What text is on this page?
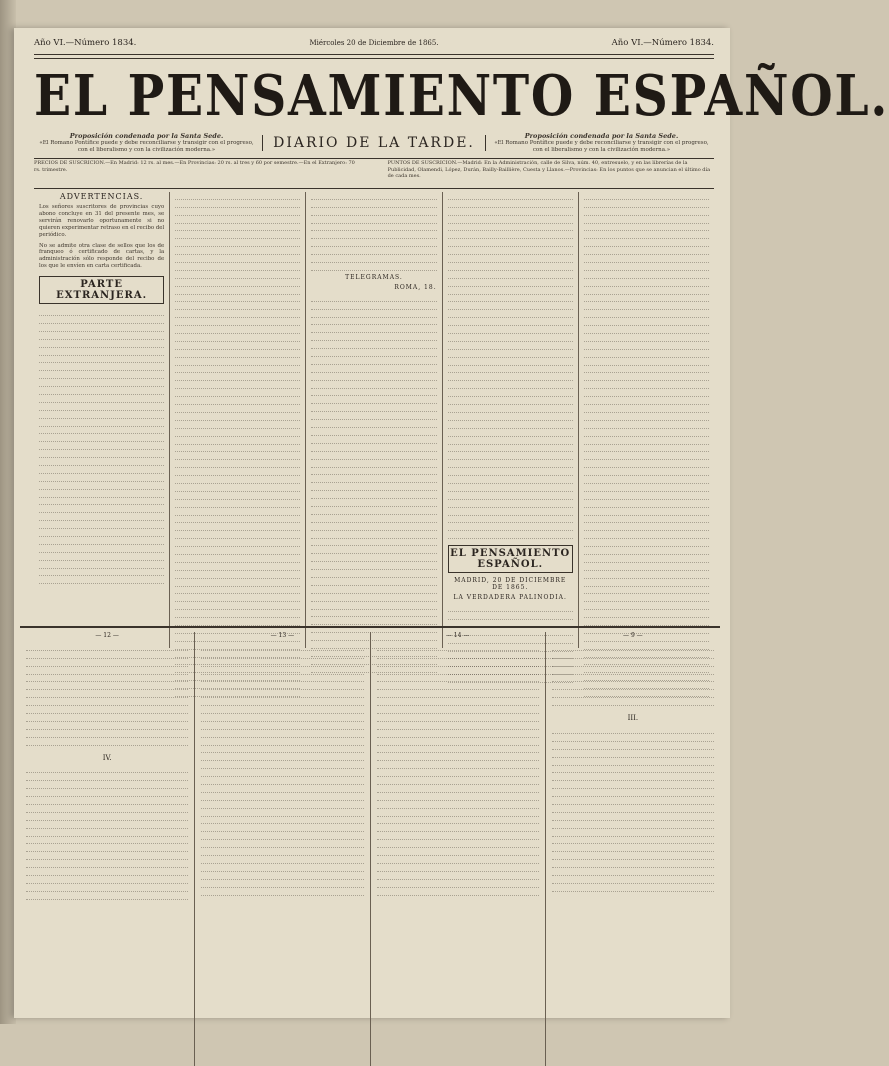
Año VI.—Número 1834.	Miércoles 20 de Diciembre de 1865.	Año VI.—Número 1834.
EL PENSAMIENTO ESPAÑOL.
Proposición condenada por la Santa Sede.
«El Romano Pontífice puede y debe reconciliarse y transigir con el progreso, con el liberalismo y con la civilización moderna.»	DIARIO DE LA TARDE.	Proposición condenada por la Santa Sede.
«El Romano Pontífice puede y debe reconciliarse y transigir con el progreso, con el liberalismo y con la civilización moderna.»
PRECIOS DE SUSCRICION.—En Madrid: 12 rs. al mes.—En Provincias: 20 rs. al tres y 60 por semestre.—En el Extranjero: 70 rs. trimestre.
PUNTOS DE SUSCRICION.—Madrid: En la Administración, calle de Silva, núm. 40, entresuelo, y en las librerías de la Publicidad, Olamendi, López, Durán, Bailly-Baillière, Cuesta y Llanos.—Provincias: En los puntos que se anuncian el último día de cada mes.
ADVERTENCIAS.
Los señores suscritores de provincias cuyo abono concluye en 31 del presente mes, se servirán renovarlo oportunamente si no quieren experimentar retraso en el recibo del periódico.
No se admite otra clase de sellos que los de franqueo ó certificado de cartas, y la administración sólo responde del recibo de los que le envíen en carta certificada.
PARTE EXTRANJERA.
TELEGRAMAS.
ROMA, 18.
EL PENSAMIENTO ESPAÑOL.
MADRID, 20 DE DICIEMBRE DE 1865.
LA VERDADERA PALINODIA.
— 12 —
IV.
— 13 —	— 14 —	— 9 —
III.
